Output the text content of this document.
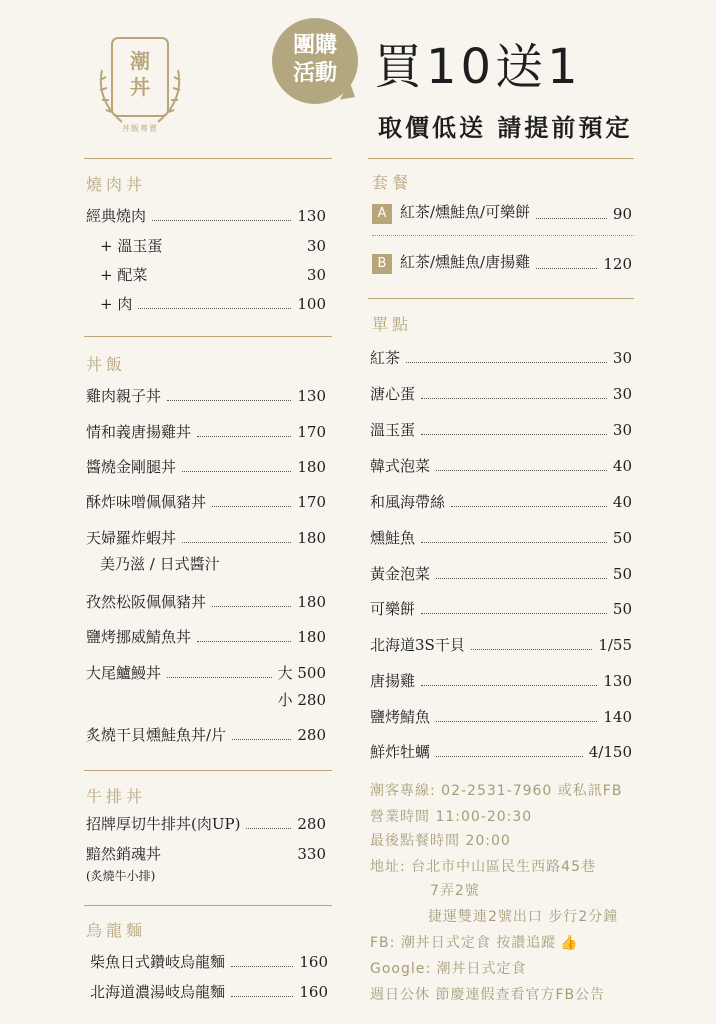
潮
丼
丼飯專賣
團購
活動 買10送1
取價低送 請提前預定
燒肉丼
經典燒肉	130
+ 溫玉蛋	30
+ 配菜	30
+ 肉	100
丼飯
雞肉親子丼	130
情和義唐揚雞丼	170
醬燒金剛腿丼	180
酥炸味噌佩佩豬丼	170
天婦羅炸蝦丼	180
美乃滋 / 日式醬汁
孜然松阪佩佩豬丼	180
鹽烤挪威鯖魚丼	180
大尾鱸鰻丼	大 500
小 280
炙燒干貝燻鮭魚丼/片	280
牛排丼
招牌厚切牛排丼(肉UP)	280
黯然銷魂丼	330
(炙燒牛小排)
烏龍麵
柴魚日式鑽岐烏龍麵	160
北海道濃湯岐烏龍麵	160
套餐
A 紅茶/燻鮭魚/可樂餅	90
B 紅茶/燻鮭魚/唐揚雞	120
單點
紅茶	30
溏心蛋	30
溫玉蛋	30
韓式泡菜	40
和風海帶絲	40
燻鮭魚	50
黃金泡菜	50
可樂餅	50
北海道3S干貝	1/55
唐揚雞	130
鹽烤鯖魚	140
鮮炸牡蠣	4/150
潮客專線: 02-2531-7960 或私訊FB
營業時間 11:00-20:30
最後點餐時間 20:00
地址: 台北市中山區民生西路45巷
7弄2號
捷運雙連2號出口 步行2分鐘
FB: 潮丼日式定食 按讚追蹤 👍
Google: 潮丼日式定食
週日公休 節慶連假查看官方FB公告
